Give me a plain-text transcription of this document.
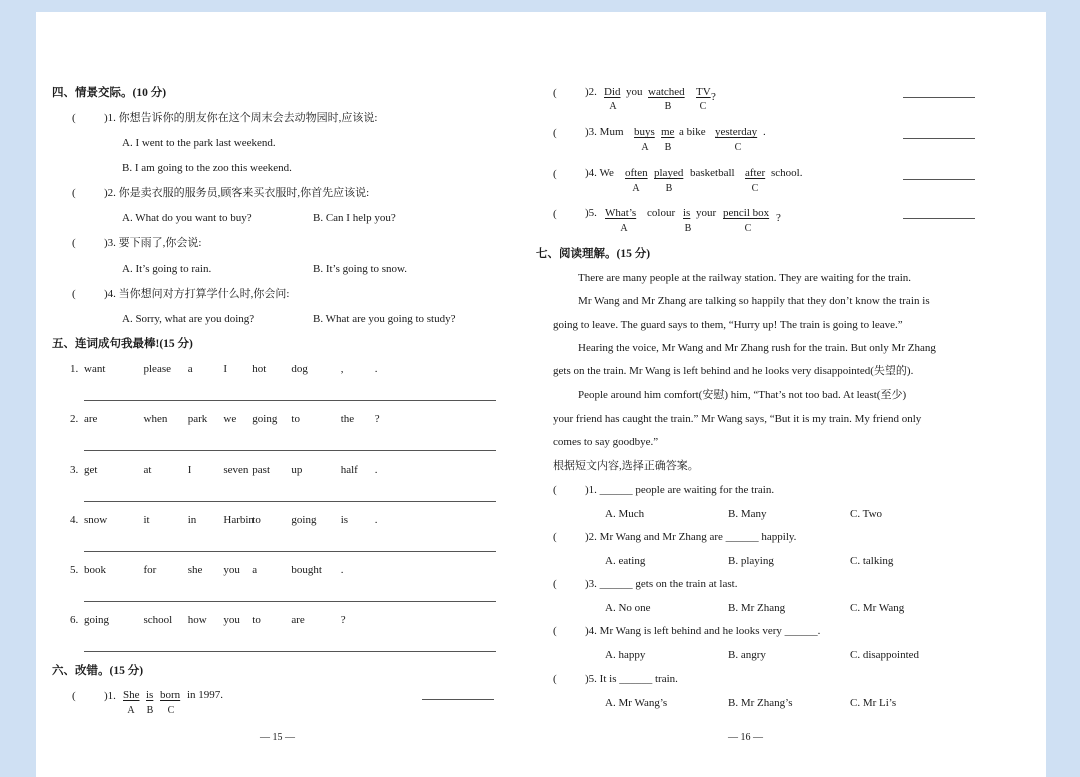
四、情景交际。(10 分)
(	)1. 你想告诉你的朋友你在这个周末会去动物园时,应该说:
A. I went to the park last weekend.
B. I am going to the zoo this weekend.
(	)2. 你是卖衣服的服务员,顾客来买衣服时,你首先应该说:
A. What do you want to buy?	B. Can I help you?
(	)3. 要下雨了,你会说:
A. It’s going to rain.	B. It’s going to snow.
(	)4. 当你想问对方打算学什么时,你会问:
A. Sorry, what are you doing?	B. What are you going to study?
五、连词成句我最棒!(15 分)
1. want	please a	I hot dog	,	.
2. are	when park we going to	the ?
3. get	at	I	seven past up	half .
4. snow	it	in Harbin
to	going is .
5. book	for	she you a	bought .
6. going	school how you to	are	?
六、改错。(15 分)
(	)1. She is born in 1997.
A	B	C
— 15 —
(	)2. Did you watched TV ?
A	B	C
(	)3. Mum buys me a bike yesterday .
A	B	C
(	)4. We often played basketball after school.
A	B	C
(	)5. What’s colour is your pencil box ?
A	B	C
七、阅读理解。(15 分)
There are many people at the railway station. They are waiting for the train.
Mr Wang and Mr Zhang are talking so happily that they don’t know the train is
going to leave. The guard says to them, “Hurry up! The train is going to leave.”
Hearing the voice, Mr Wang and Mr Zhang rush for the train. But only Mr Zhang
gets on the train. Mr Wang is left behind and he looks very disappointed(失望的).
People around him comfort(安慰) him, “That’s not too bad. At least(至少)
your friend has caught the train.” Mr Wang says, “But it is my train. My friend only
comes to say goodbye.”
根据短文内容,选择正确答案。
(	)1. ______ people are waiting for the train.
A. Much	B. Many	C. Two
(	)2. Mr Wang and Mr Zhang are ______ happily.
A. eating	B. playing	C. talking
(	)3. ______ gets on the train at last.
A. No one	B. Mr Zhang	C. Mr Wang
(	)4. Mr Wang is left behind and he looks very ______.
A. happy	B. angry	C. disappointed
(	)5. It is ______ train.
A. Mr Wang’s	B. Mr Zhang’s	C. Mr Li’s
— 16 —
